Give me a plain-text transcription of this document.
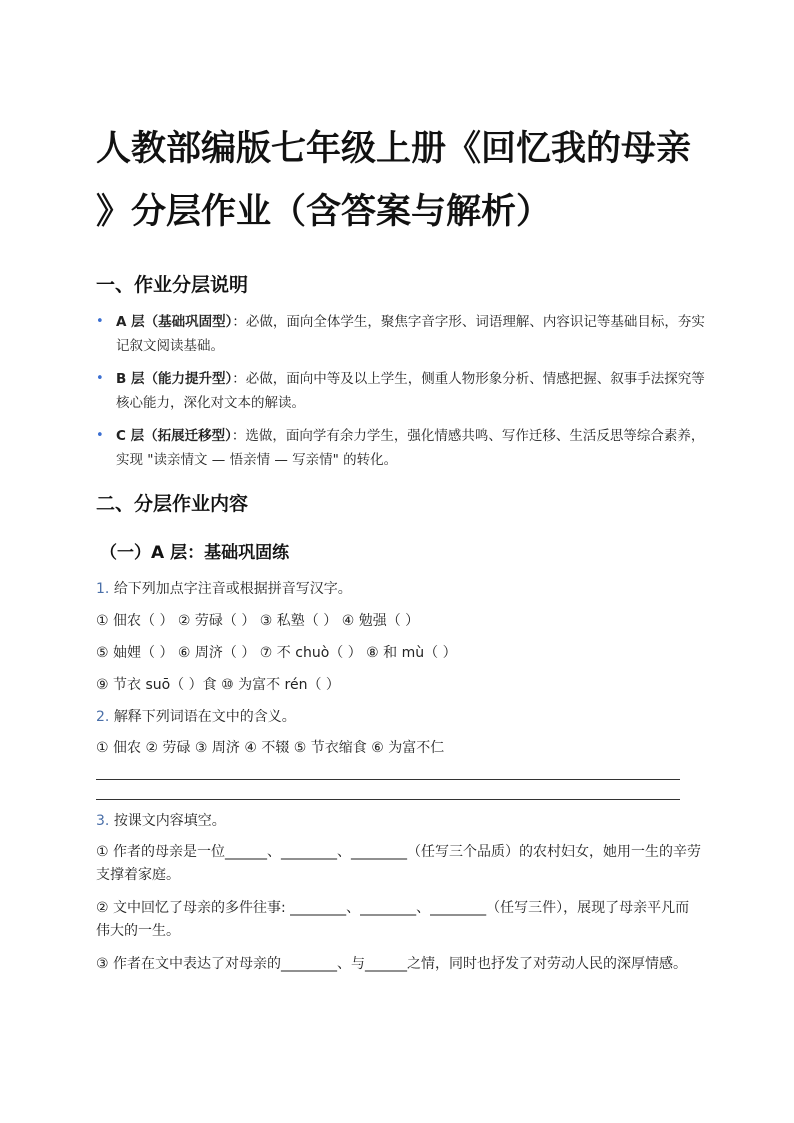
人教部编版七年级上册《回忆我的母亲
》分层作业（含答案与解析）
一、作业分层说明
• A 层（基础巩固型）：必做，面向全体学生，聚焦字音字形、词语理解、内容识记等基础目标，夯实记叙文阅读基础。
• B 层（能力提升型）：必做，面向中等及以上学生，侧重人物形象分析、情感把握、叙事手法探究等核心能力，深化对文本的解读。
• C 层（拓展迁移型）：选做，面向学有余力学生，强化情感共鸣、写作迁移、生活反思等综合素养，实现 "读亲情文 — 悟亲情 — 写亲情" 的转化。
二、分层作业内容
（一）A 层：基础巩固练
1. 给下列加点字注音或根据拼音写汉字。
① 佃农（ ） ② 劳碌（ ） ③ 私塾（ ） ④ 勉强（ ）
⑤ 妯娌（ ） ⑥ 周济（ ） ⑦ 不 chuò（ ） ⑧ 和 mù（ ）
⑨ 节衣 suō（ ）食 ⑩ 为富不 rén（ ）
2. 解释下列词语在文中的含义。
① 佃农 ② 劳碌 ③ 周济 ④ 不辍 ⑤ 节衣缩食 ⑥ 为富不仁
3. 按课文内容填空。
① 作者的母亲是一位______、________、________（任写三个品质）的农村妇女，她用一生的辛劳支撑着家庭。
② 文中回忆了母亲的多件往事: ________、________、________（任写三件），展现了母亲平凡而伟大的一生。
③ 作者在文中表达了对母亲的________、与______之情，同时也抒发了对劳动人民的深厚情感。
